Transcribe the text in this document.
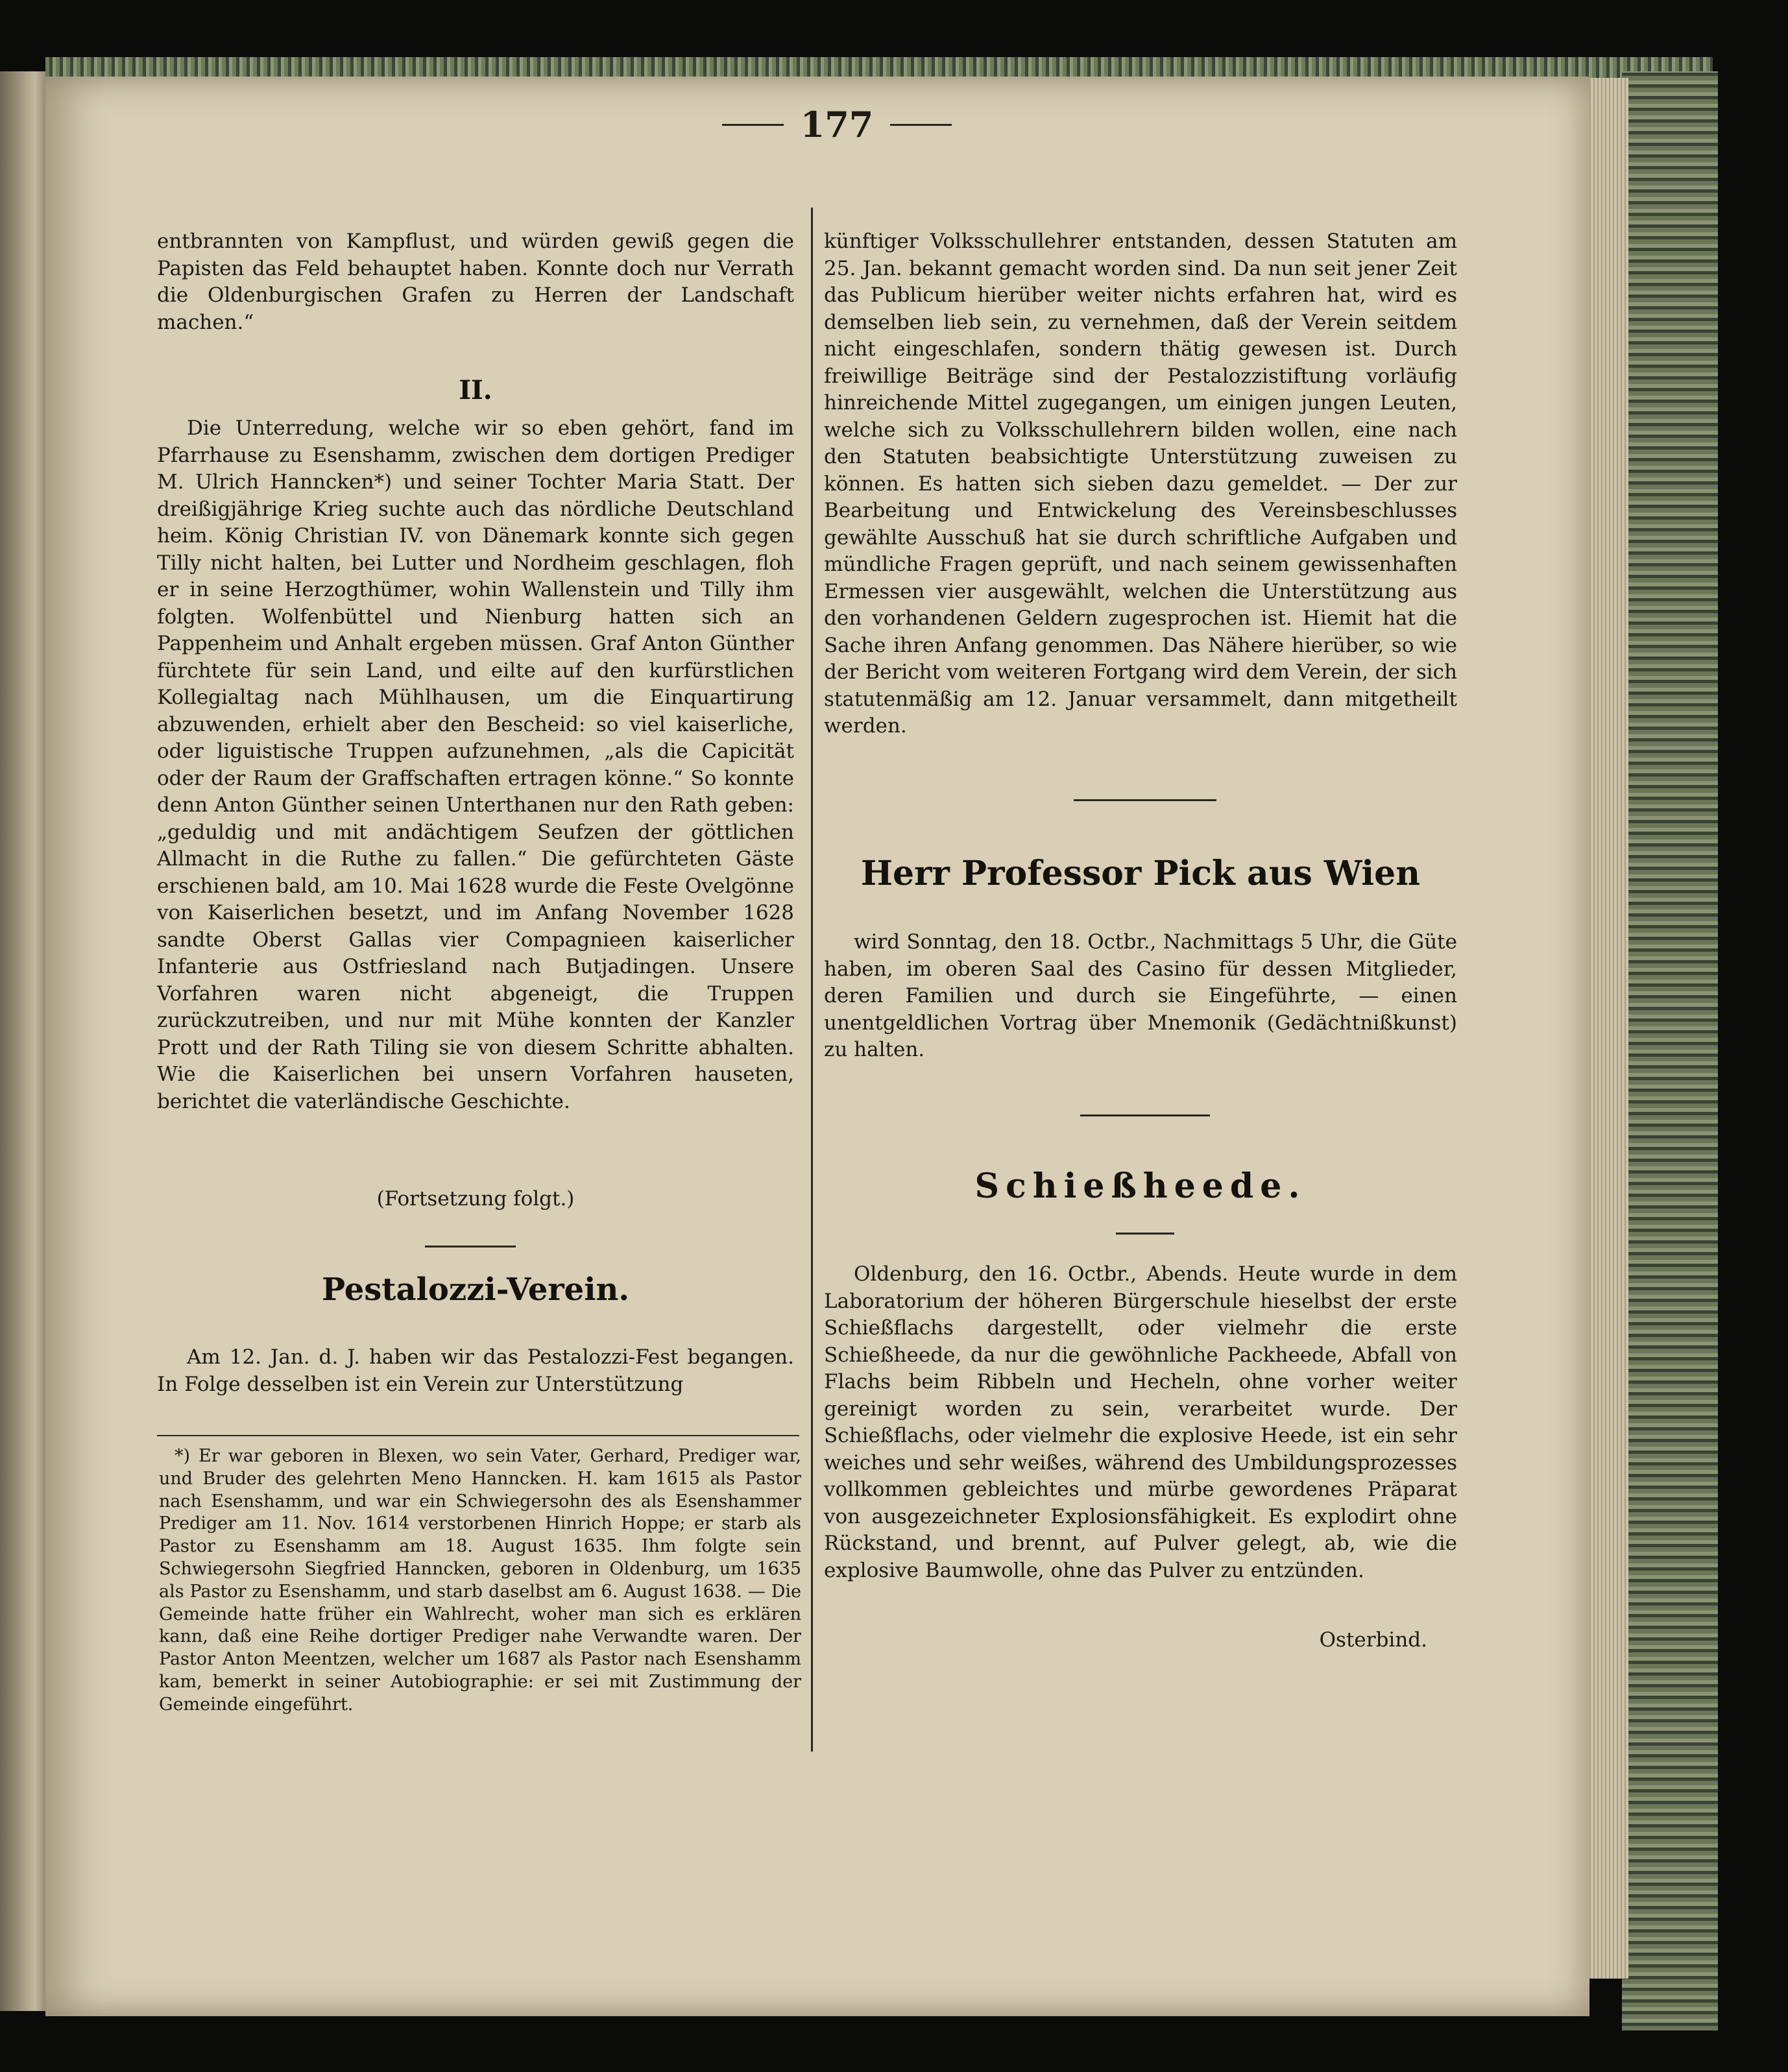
177

entbrannten von Kampflust, und würden gewiß gegen die Papisten das Feld behauptet haben. Konnte doch nur Verrath die Oldenburgischen Grafen zu Herren der Landschaft machen.“

II.

Die Unterredung, welche wir so eben gehört, fand im Pfarrhause zu Esenshamm, zwischen dem dortigen Prediger M. Ulrich Hanncken*) und seiner Tochter Maria Statt. Der dreißigjährige Krieg suchte auch das nördliche Deutschland heim. König Christian IV. von Dänemark konnte sich gegen Tilly nicht halten, bei Lutter und Nordheim geschlagen, floh er in seine Herzogthümer, wohin Wallenstein und Tilly ihm folgten. Wolfenbüttel und Nienburg hatten sich an Pappenheim und Anhalt ergeben müssen. Graf Anton Günther fürchtete für sein Land, und eilte auf den kurfürstlichen Kollegialtag nach Mühlhausen, um die Einquartirung abzuwenden, erhielt aber den Bescheid: so viel kaiserliche, oder liguistische Truppen aufzunehmen, „als die Capicität oder der Raum der Graffschaften ertragen könne.“ So konnte denn Anton Günther seinen Unterthanen nur den Rath geben: „geduldig und mit andächtigem Seufzen der göttlichen Allmacht in die Ruthe zu fallen.“ Die gefürchteten Gäste erschienen bald, am 10. Mai 1628 wurde die Feste Ovelgönne von Kaiserlichen besetzt, und im Anfang November 1628 sandte Oberst Gallas vier Compagnieen kaiserlicher Infanterie aus Ostfriesland nach Butjadingen. Unsere Vorfahren waren nicht abgeneigt, die Truppen zurückzutreiben, und nur mit Mühe konnten der Kanzler Prott und der Rath Tiling sie von diesem Schritte abhalten. Wie die Kaiserlichen bei unsern Vorfahren hauseten, berichtet die vaterländische Geschichte.

(Fortsetzung folgt.)

Pestalozzi-Verein.

Am 12. Jan. d. J. haben wir das Pestalozzi-Fest begangen. In Folge desselben ist ein Verein zur Unterstützung

*) Er war geboren in Blexen, wo sein Vater, Gerhard, Prediger war, und Bruder des gelehrten Meno Hanncken. H. kam 1615 als Pastor nach Esenshamm, und war ein Schwiegersohn des als Esenshammer Prediger am 11. Nov. 1614 verstorbenen Hinrich Hoppe; er starb als Pastor zu Esenshamm am 18. August 1635. Ihm folgte sein Schwiegersohn Siegfried Hanncken, geboren in Oldenburg, um 1635 als Pastor zu Esenshamm, und starb daselbst am 6. August 1638. — Die Gemeinde hatte früher ein Wahlrecht, woher man sich es erklären kann, daß eine Reihe dortiger Prediger nahe Verwandte waren. Der Pastor Anton Meentzen, welcher um 1687 als Pastor nach Esenshamm kam, bemerkt in seiner Autobiographie: er sei mit Zustimmung der Gemeinde eingeführt.

künftiger Volksschullehrer entstanden, dessen Statuten am 25. Jan. bekannt gemacht worden sind. Da nun seit jener Zeit das Publicum hierüber weiter nichts erfahren hat, wird es demselben lieb sein, zu vernehmen, daß der Verein seitdem nicht eingeschlafen, sondern thätig gewesen ist. Durch freiwillige Beiträge sind der Pestalozzistiftung vorläufig hinreichende Mittel zugegangen, um einigen jungen Leuten, welche sich zu Volksschullehrern bilden wollen, eine nach den Statuten beabsichtigte Unterstützung zuweisen zu können. Es hatten sich sieben dazu gemeldet. — Der zur Bearbeitung und Entwickelung des Vereinsbeschlusses gewählte Ausschuß hat sie durch schriftliche Aufgaben und mündliche Fragen geprüft, und nach seinem gewissenhaften Ermessen vier ausgewählt, welchen die Unterstützung aus den vorhandenen Geldern zugesprochen ist. Hiemit hat die Sache ihren Anfang genommen. Das Nähere hierüber, so wie der Bericht vom weiteren Fortgang wird dem Verein, der sich statutenmäßig am 12. Januar versammelt, dann mitgetheilt werden.

Herr Professor Pick aus Wien

wird Sonntag, den 18. Octbr., Nachmittags 5 Uhr, die Güte haben, im oberen Saal des Casino für dessen Mitglieder, deren Familien und durch sie Eingeführte, — einen unentgeldlichen Vortrag über Mnemonik (Gedächtnißkunst) zu halten.

Schießheede.

Oldenburg, den 16. Octbr., Abends. Heute wurde in dem Laboratorium der höheren Bürgerschule hieselbst der erste Schießflachs dargestellt, oder vielmehr die erste Schießheede, da nur die gewöhnliche Packheede, Abfall von Flachs beim Ribbeln und Hecheln, ohne vorher weiter gereinigt worden zu sein, verarbeitet wurde. Der Schießflachs, oder vielmehr die explosive Heede, ist ein sehr weiches und sehr weißes, während des Umbildungsprozesses vollkommen gebleichtes und mürbe gewordenes Präparat von ausgezeichneter Explosionsfähigkeit. Es explodirt ohne Rückstand, und brennt, auf Pulver gelegt, ab, wie die explosive Baumwolle, ohne das Pulver zu entzünden.

Osterbind.
